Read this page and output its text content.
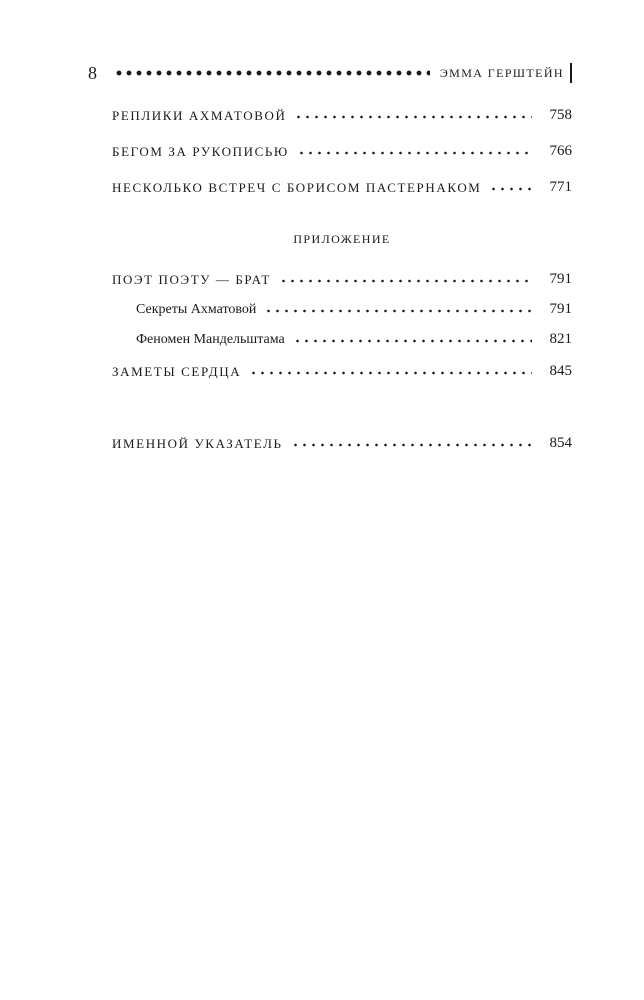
8	ЭММА ГЕРШТЕЙН
РЕПЛИКИ АХМАТОВОЙ	758
БЕГОМ ЗА РУКОПИСЬЮ	766
НЕСКОЛЬКО ВСТРЕЧ С БОРИСОМ ПАСТЕРНАКОМ	771
ПРИЛОЖЕНИЕ
ПОЭТ ПОЭТУ — БРАТ	791
Секреты Ахматовой	791
Феномен Мандельштама	821
ЗАМЕТЫ СЕРДЦА	845
ИМЕННОЙ УКАЗАТЕЛЬ	854
